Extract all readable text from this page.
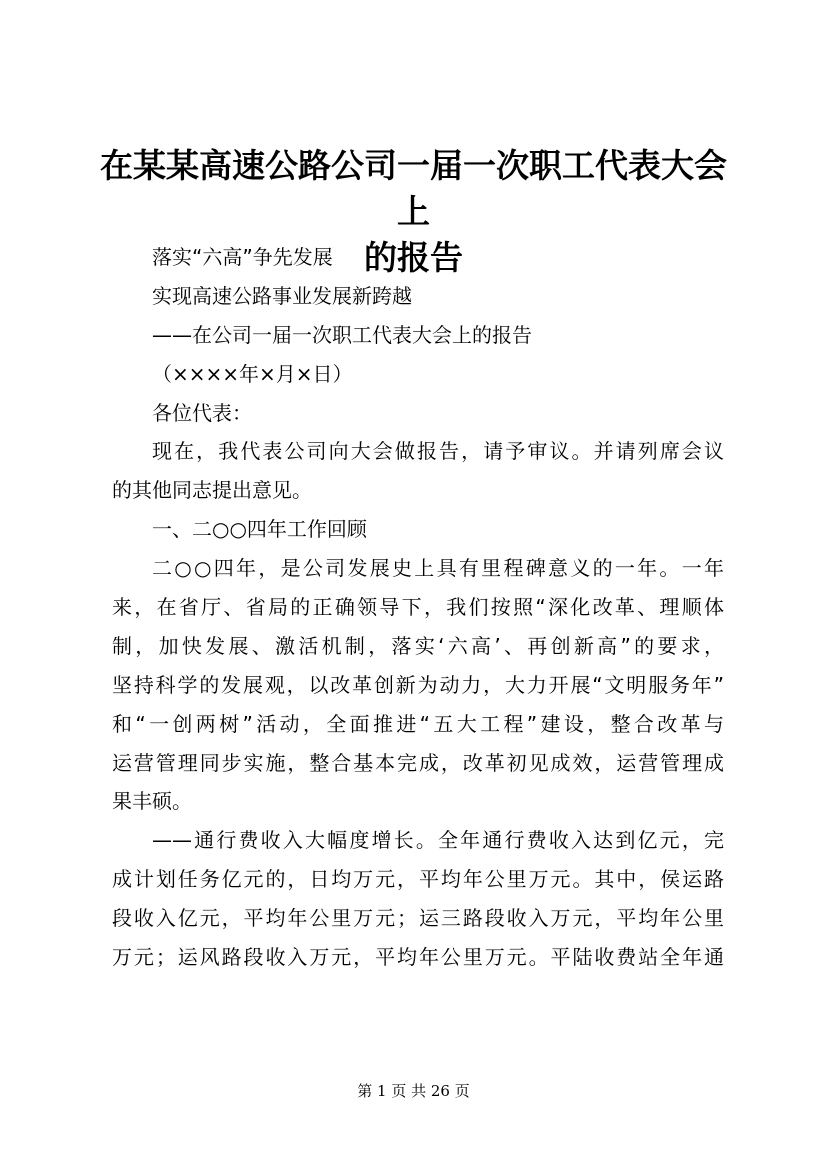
在某某高速公路公司一届一次职工代表大会上
的报告
落实“六高”争先发展
实现高速公路事业发展新跨越
——在公司一届一次职工代表大会上的报告
（××××年×月×日）
各位代表：
现在，我代表公司向大会做报告，请予审议。并请列席会议
的其他同志提出意见。
一、二○○四年工作回顾
二○○四年，是公司发展史上具有里程碑意义的一年。一年
来，在省厅、省局的正确领导下，我们按照“深化改革、理顺体
制，加快发展、激活机制，落实‘六高’、再创新高”的要求，
坚持科学的发展观，以改革创新为动力，大力开展“文明服务年”
和“一创两树”活动，全面推进“五大工程”建设，整合改革与
运营管理同步实施，整合基本完成，改革初见成效，运营管理成
果丰硕。
——通行费收入大幅度增长。全年通行费收入达到亿元，完
成计划任务亿元的，日均万元，平均年公里万元。其中，侯运路
段收入亿元，平均年公里万元；运三路段收入万元，平均年公里
万元；运风路段收入万元，平均年公里万元。平陆收费站全年通
第 1 页 共 26 页
